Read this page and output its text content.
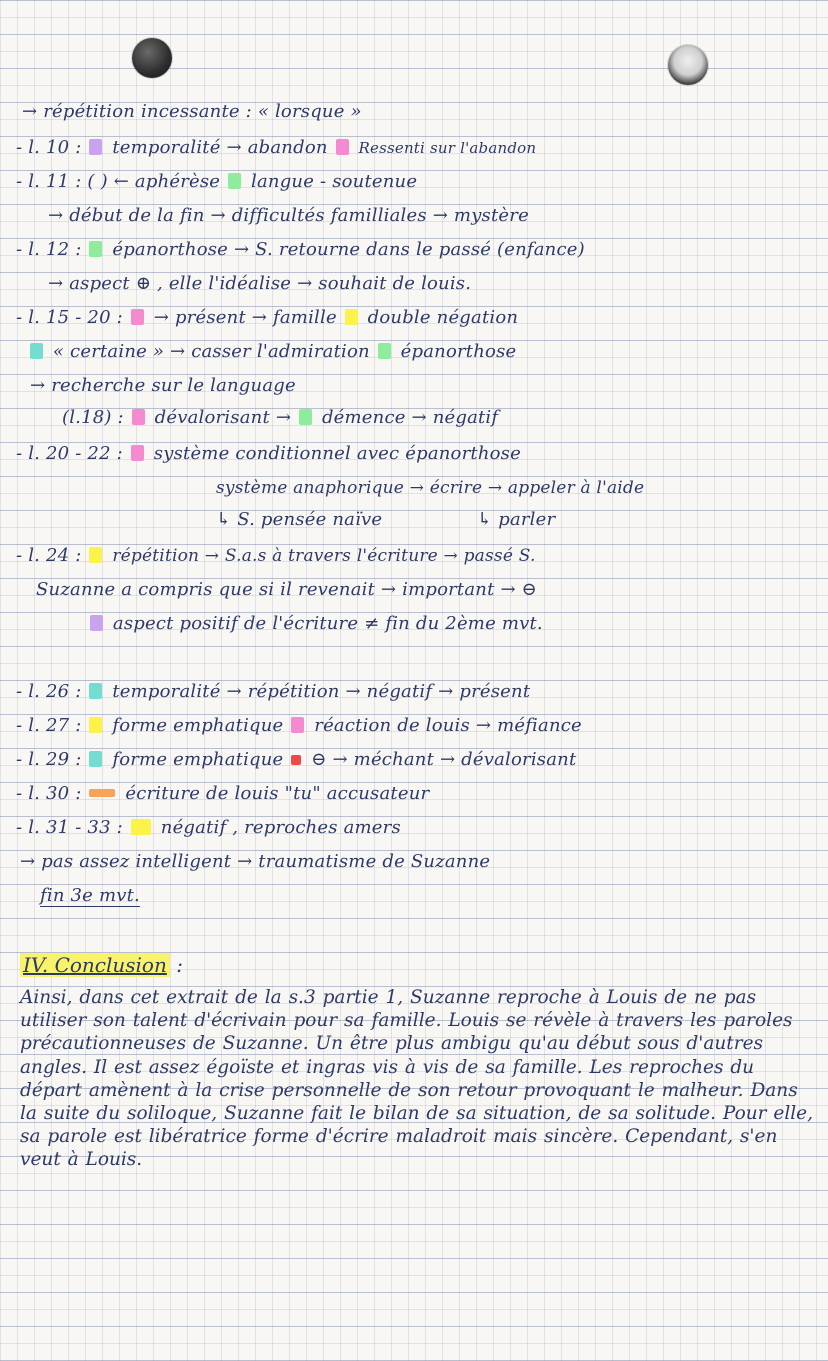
→ répétition incessante : « lorsque »
- l. 10 : temporalité → abandon Ressenti sur l'abandon
- l. 11 : ( ) ← aphérèse langue - soutenue
→ début de la fin → difficultés familliales → mystère
- l. 12 : épanorthose → S. retourne dans le passé (enfance)
→ aspect ⊕ , elle l'idéalise → souhait de louis.
- l. 15 - 20 : → présent → famille double négation
« certaine » → casser l'admiration épanorthose
→ recherche sur le language
(l.18) : dévalorisant → démence → négatif
- l. 20 - 22 : système conditionnel avec épanorthose
système anaphorique → écrire → appeler à l'aide
↳ S. pensée naïve                ↳ parler
- l. 24 : répétition → S.a.s à travers l'écriture → passé S.
Suzanne a compris que si il revenait → important → ⊖
aspect positif de l'écriture ≠ fin du 2ème mvt.
- l. 26 : temporalité → répétition → négatif → présent
- l. 27 : forme emphatique réaction de louis → méfiance
- l. 29 : forme emphatique ⊖ → méchant → dévalorisant
- l. 30 : écriture de louis "tu" accusateur
- l. 31 - 33 : négatif , reproches amers
→ pas assez intelligent → traumatisme de Suzanne
fin 3e mvt.
IV. Conclusion :
Ainsi, dans cet extrait de la s.3 partie 1, Suzanne reproche à Louis de ne pas utiliser son talent d'écrivain pour sa famille. Louis se révèle à travers les paroles précautionneuses de Suzanne. Un être plus ambigu qu'au début sous d'autres angles. Il est assez égoïste et ingras vis à vis de sa famille. Les reproches du départ amènent à la crise personnelle de son retour provoquant le malheur. Dans la suite du soliloque, Suzanne fait le bilan de sa situation, de sa solitude. Pour elle, sa parole est libératrice forme d'écrire maladroit mais sincère. Cependant, s'en veut à Louis.
